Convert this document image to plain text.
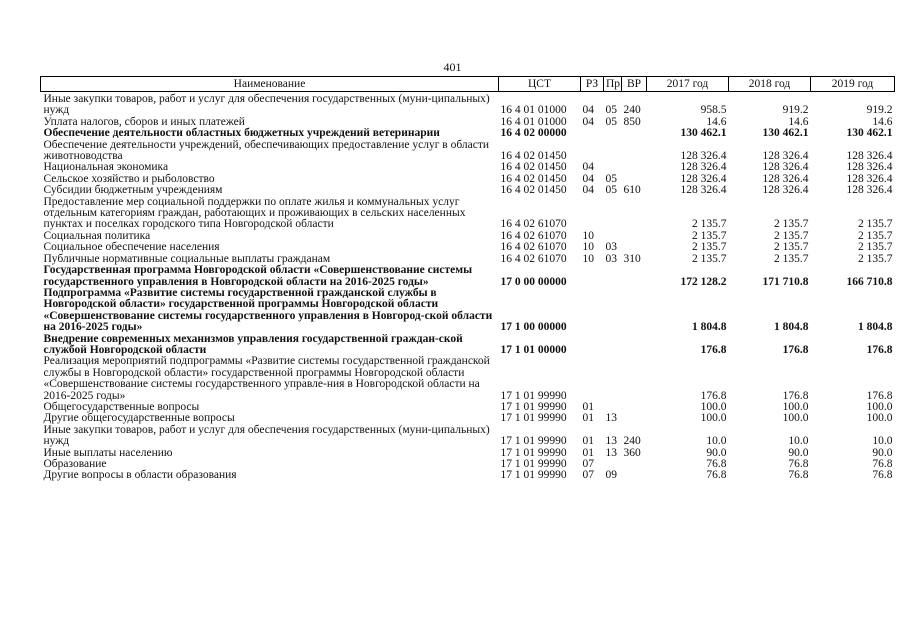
401
Наименование	ЦСТ	РЗ	Пр	ВР	2017 год	2018 год	2019 год
Иные закупки товаров, работ и услуг для обеспечения государственных (муни-ципальных) нужд	16 4 01 01000	04	05	240	958.5	919.2	919.2
Уплата налогов, сборов и иных платежей	16 4 01 01000	04	05	850	14.6	14.6	14.6
Обеспечение деятельности областных бюджетных учреждений ветеринарии	16 4 02 00000				130 462.1	130 462.1	130 462.1
Обеспечение деятельности учреждений, обеспечивающих предоставление услуг в области животноводства	16 4 02 01450				128 326.4	128 326.4	128 326.4
Национальная экономика	16 4 02 01450	04			128 326.4	128 326.4	128 326.4
Сельское хозяйство и рыболовство	16 4 02 01450	04	05		128 326.4	128 326.4	128 326.4
Субсидии бюджетным учреждениям	16 4 02 01450	04	05	610	128 326.4	128 326.4	128 326.4
Предоставление мер социальной поддержки по оплате жилья и коммунальных услуг отдельным категориям граждан, работающих и проживающих в сельских населенных пунктах и поселках городского типа Новгородской области	16 4 02 61070				2 135.7	2 135.7	2 135.7
Социальная политика	16 4 02 61070	10			2 135.7	2 135.7	2 135.7
Социальное обеспечение населения	16 4 02 61070	10	03		2 135.7	2 135.7	2 135.7
Публичные нормативные социальные выплаты гражданам	16 4 02 61070	10	03	310	2 135.7	2 135.7	2 135.7
Государственная программа Новгородской области «Совершенствование системы государственного управления в Новгородской области на 2016-2025 годы»	17 0 00 00000				172 128.2	171 710.8	166 710.8
Подпрограмма «Развитие системы государственной гражданской службы в Новгородской области» государственной программы Новгородской области «Совершенствование системы государственного управления в Новгород-ской области на 2016-2025 годы»	17 1 00 00000				1 804.8	1 804.8	1 804.8
Внедрение современных механизмов управления государственной граждан-ской службой Новгородской области	17 1 01 00000				176.8	176.8	176.8
Реализация мероприятий подпрограммы «Развитие системы государственной гражданской службы в Новгородской области» государственной программы Новгородской области «Совершенствование системы государственного управле-ния в Новгородской области на 2016-2025 годы»	17 1 01 99990				176.8	176.8	176.8
Общегосударственные вопросы	17 1 01 99990	01			100.0	100.0	100.0
Другие общегосударственные вопросы	17 1 01 99990	01	13		100.0	100.0	100.0
Иные закупки товаров, работ и услуг для обеспечения государственных (муни-ципальных) нужд	17 1 01 99990	01	13	240	10.0	10.0	10.0
Иные выплаты населению	17 1 01 99990	01	13	360	90.0	90.0	90.0
Образование	17 1 01 99990	07			76.8	76.8	76.8
Другие вопросы в области образования	17 1 01 99990	07	09		76.8	76.8	76.8
